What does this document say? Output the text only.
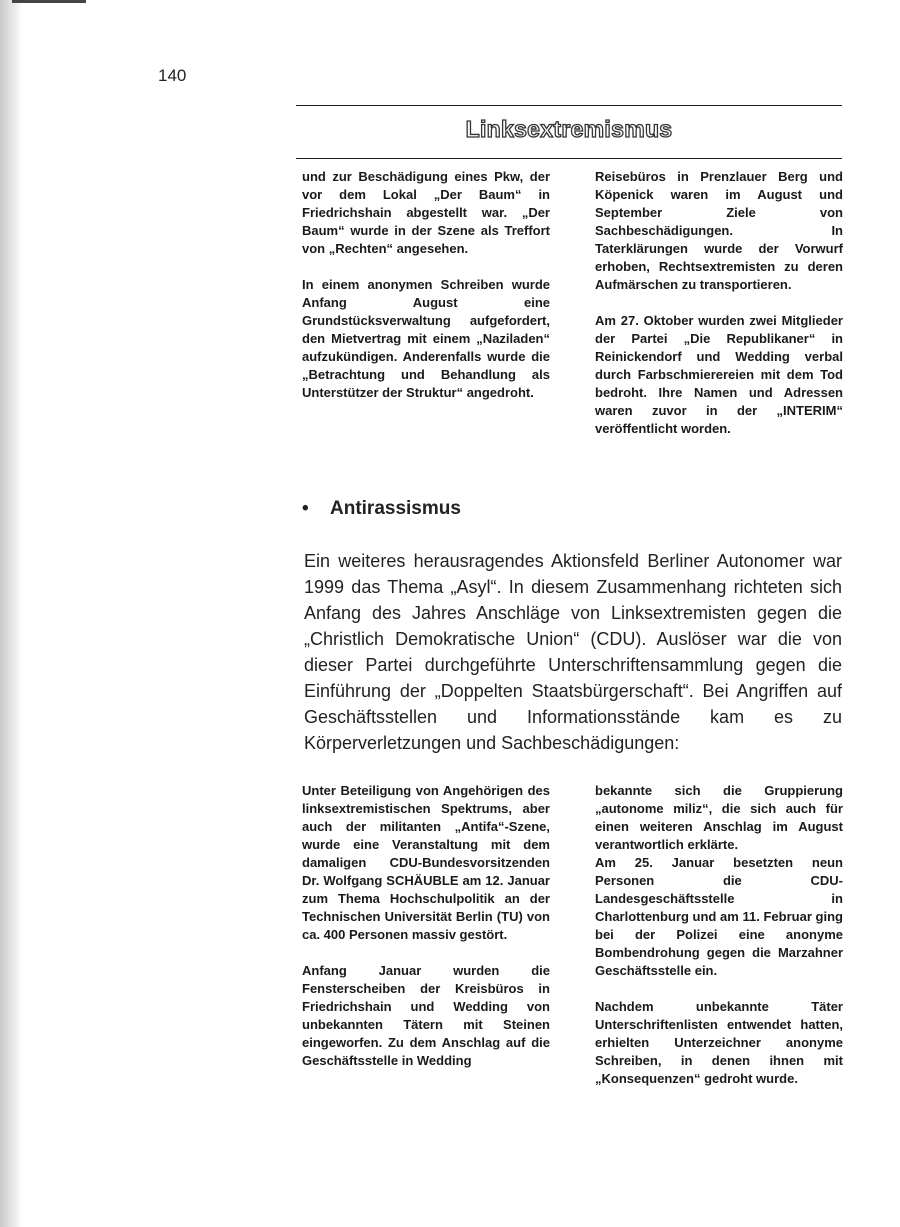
140
Linksextremismus

und zur Beschädigung eines Pkw, der vor dem Lokal „Der Baum“ in Friedrichshain abgestellt war. „Der Baum“ wurde in der Szene als Treffort von „Rechten“ angesehen.

In einem anonymen Schreiben wurde Anfang August eine Grundstücksverwaltung aufgefordert, den Mietvertrag mit einem „Naziladen“ aufzukündigen. Anderenfalls wurde die „Betrachtung und Behandlung als Unterstützer der Struktur“ angedroht.

Reisebüros in Prenzlauer Berg und Köpenick waren im August und September Ziele von Sachbeschädigungen. In Taterklärungen wurde der Vorwurf erhoben, Rechtsextremisten zu deren Aufmärschen zu transportieren.

Am 27. Oktober wurden zwei Mitglieder der Partei „Die Republikaner“ in Reinickendorf und Wedding verbal durch Farbschmierereien mit dem Tod bedroht. Ihre Namen und Adressen waren zuvor in der „INTERIM“ veröffentlicht worden.

• Antirassismus
Ein weiteres herausragendes Aktionsfeld Berliner Autonomer war 1999 das Thema „Asyl“. In diesem Zusammenhang richteten sich Anfang des Jahres Anschläge von Linksextremisten gegen die „Christlich Demokratische Union“ (CDU). Auslöser war die von dieser Partei durchgeführte Unterschriftensammlung gegen die Einführung der „Doppelten Staatsbürgerschaft“. Bei Angriffen auf Geschäftsstellen und Informationsstände kam es zu Körperverletzungen und Sachbeschädigungen:

Unter Beteiligung von Angehörigen des linksextremistischen Spektrums, aber auch der militanten „Antifa“-Szene, wurde eine Veranstaltung mit dem damaligen CDU-Bundesvorsitzenden Dr. Wolfgang SCHÄUBLE am 12. Januar zum Thema Hochschulpolitik an der Technischen Universität Berlin (TU) von ca. 400 Personen massiv gestört.

Anfang Januar wurden die Fensterscheiben der Kreisbüros in Friedrichshain und Wedding von unbekannten Tätern mit Steinen eingeworfen. Zu dem Anschlag auf die Geschäftsstelle in Wedding

bekannte sich die Gruppierung „autonome miliz“, die sich auch für einen weiteren Anschlag im August verantwortlich erklärte.

Am 25. Januar besetzten neun Personen die CDU-Landesgeschäftsstelle in Charlottenburg und am 11. Februar ging bei der Polizei eine anonyme Bombendrohung gegen die Marzahner Geschäftsstelle ein.

Nachdem unbekannte Täter Unterschriftenlisten entwendet hatten, erhielten Unterzeichner anonyme Schreiben, in denen ihnen mit „Konsequenzen“ gedroht wurde.
